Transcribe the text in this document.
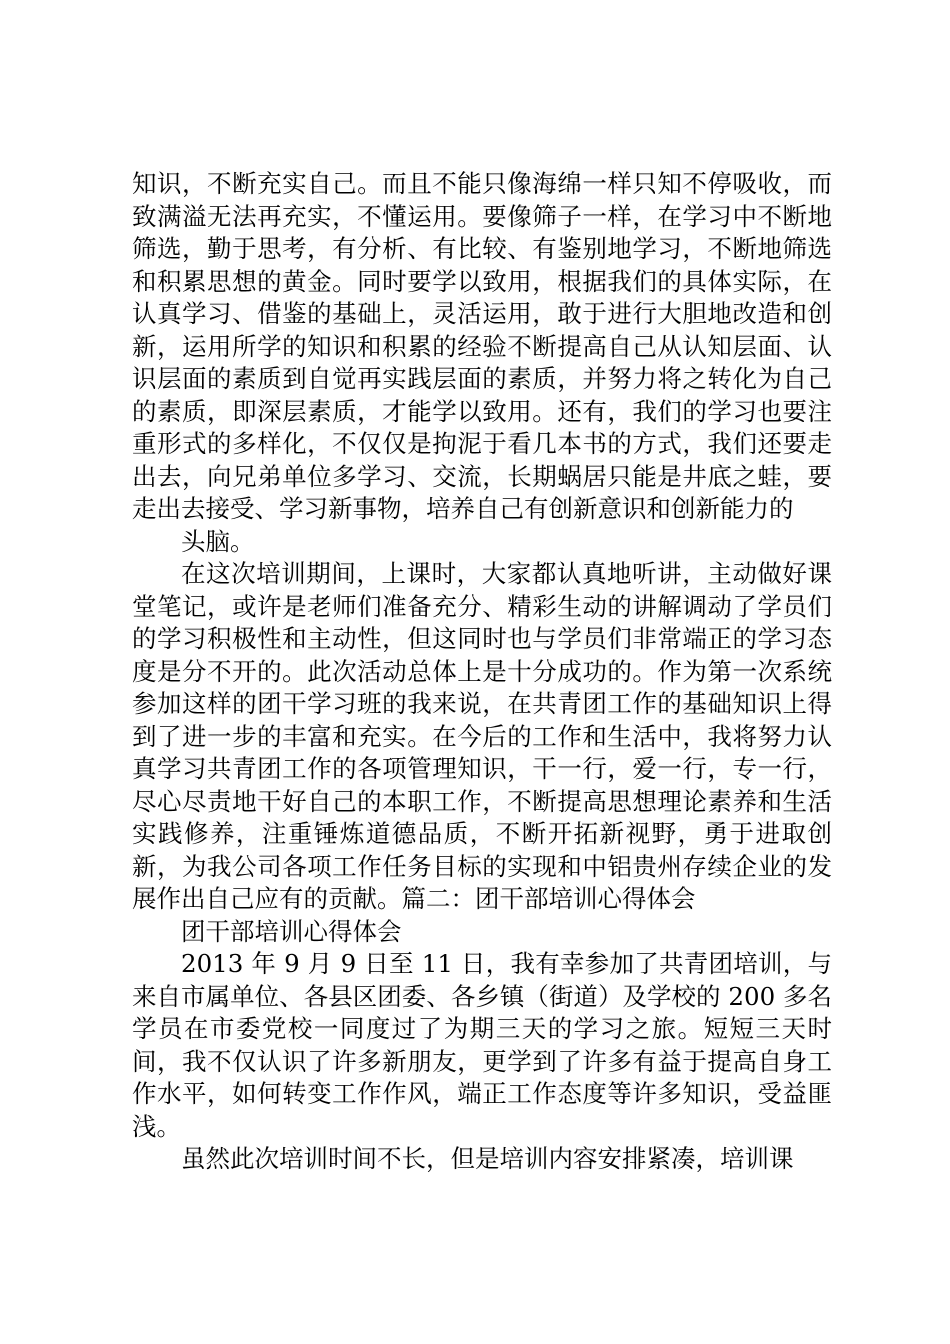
知识，不断充实自己。而且不能只像海绵一样只知不停吸收，而致满溢无法再充实，不懂运用。要像筛子一样，在学习中不断地筛选，勤于思考，有分析、有比较、有鉴别地学习，不断地筛选和积累思想的黄金。同时要学以致用，根据我们的具体实际，在认真学习、借鉴的基础上，灵活运用，敢于进行大胆地改造和创新，运用所学的知识和积累的经验不断提高自己从认知层面、认识层面的素质到自觉再实践层面的素质，并努力将之转化为自己的素质，即深层素质，才能学以致用。还有，我们的学习也要注重形式的多样化，不仅仅是拘泥于看几本书的方式，我们还要走出去，向兄弟单位多学习、交流，长期蜗居只能是井底之蛙，要走出去接受、学习新事物，培养自己有创新意识和创新能力的

头脑。

在这次培训期间，上课时，大家都认真地听讲，主动做好课堂笔记，或许是老师们准备充分、精彩生动的讲解调动了学员们的学习积极性和主动性，但这同时也与学员们非常端正的学习态度是分不开的。此次活动总体上是十分成功的。作为第一次系统参加这样的团干学习班的我来说，在共青团工作的基础知识上得到了进一步的丰富和充实。在今后的工作和生活中，我将努力认真学习共青团工作的各项管理知识，干一行，爱一行，专一行，尽心尽责地干好自己的本职工作，不断提高思想理论素养和生活实践修养，注重锤炼道德品质，不断开拓新视野，勇于进取创新，为我公司各项工作任务目标的实现和中铝贵州存续企业的发展作出自己应有的贡献。篇二：团干部培训心得体会

团干部培训心得体会

2013 年 9 月 9 日至 11 日，我有幸参加了共青团培训，与来自市属单位、各县区团委、各乡镇（街道）及学校的 200 多名学员在市委党校一同度过了为期三天的学习之旅。短短三天时间，我不仅认识了许多新朋友，更学到了许多有益于提高自身工作水平，如何转变工作作风，端正工作态度等许多知识，受益匪浅。

虽然此次培训时间不长，但是培训内容安排紧凑，培训课
